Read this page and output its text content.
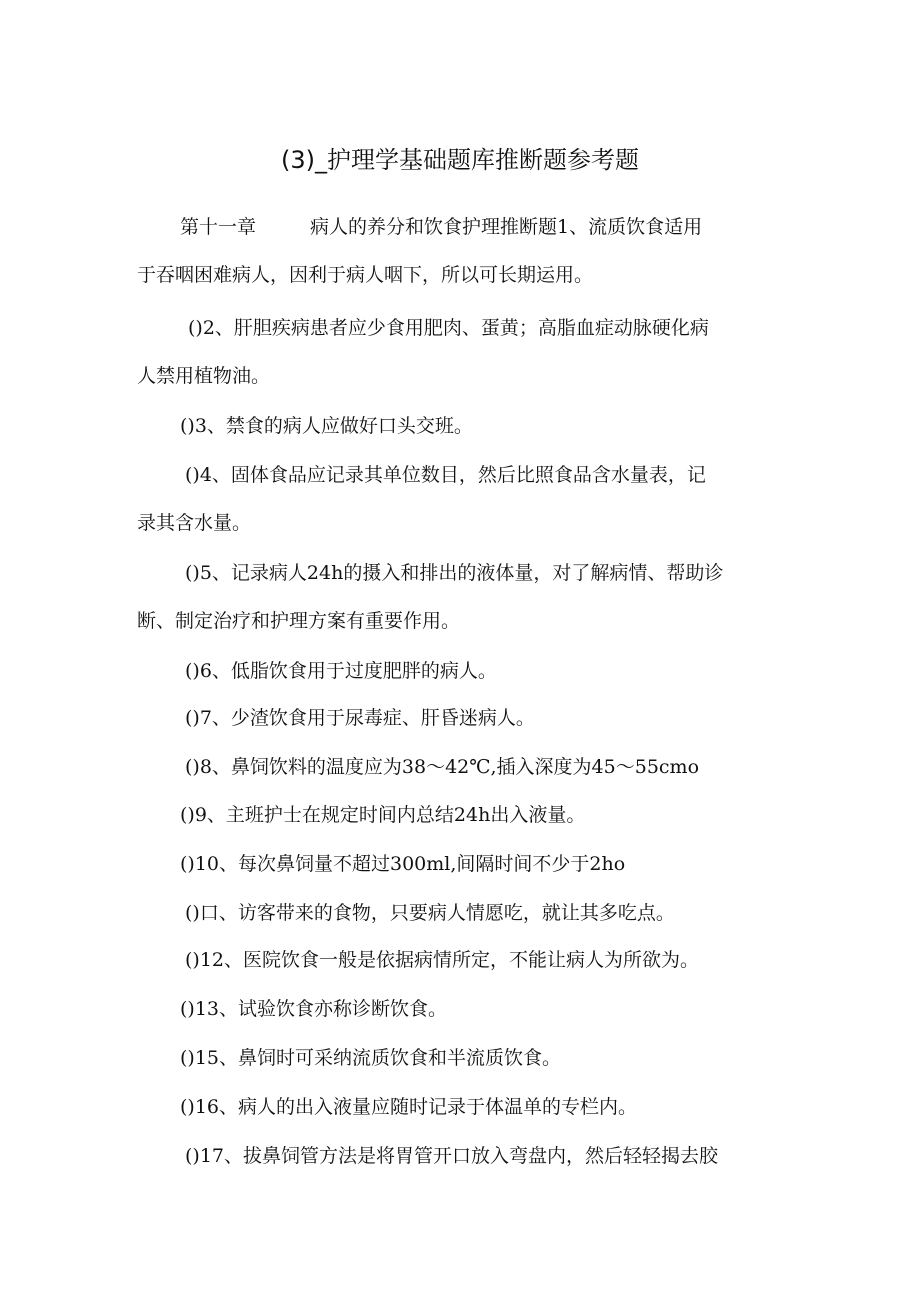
(3)_护理学基础题库推断题参考题
第十一章	病人的养分和饮食护理推断题1、流质饮食适用
于吞咽困难病人，因利于病人咽下，所以可长期运用。
()2、肝胆疾病患者应少食用肥肉、蛋黄；高脂血症动脉硬化病
人禁用植物油。
()3、禁食的病人应做好口头交班。
()4、固体食品应记录其单位数目，然后比照食品含水量表，记
录其含水量。
()5、记录病人24h的摄入和排出的液体量，对了解病情、帮助诊
断、制定治疗和护理方案有重要作用。
()6、低脂饮食用于过度肥胖的病人。
()7、少渣饮食用于尿毒症、肝昏迷病人。
()8、鼻饲饮料的温度应为38～42℃,插入深度为45～55cmo
()9、主班护士在规定时间内总结24h出入液量。
()10、每次鼻饲量不超过300ml,间隔时间不少于2ho
()口、访客带来的食物，只要病人情愿吃，就让其多吃点。
()12、医院饮食一般是依据病情所定，不能让病人为所欲为。
()13、试验饮食亦称诊断饮食。
()15、鼻饲时可采纳流质饮食和半流质饮食。
()16、病人的出入液量应随时记录于体温单的专栏内。
()17、拔鼻饲管方法是将胃管开口放入弯盘内，然后轻轻揭去胶
